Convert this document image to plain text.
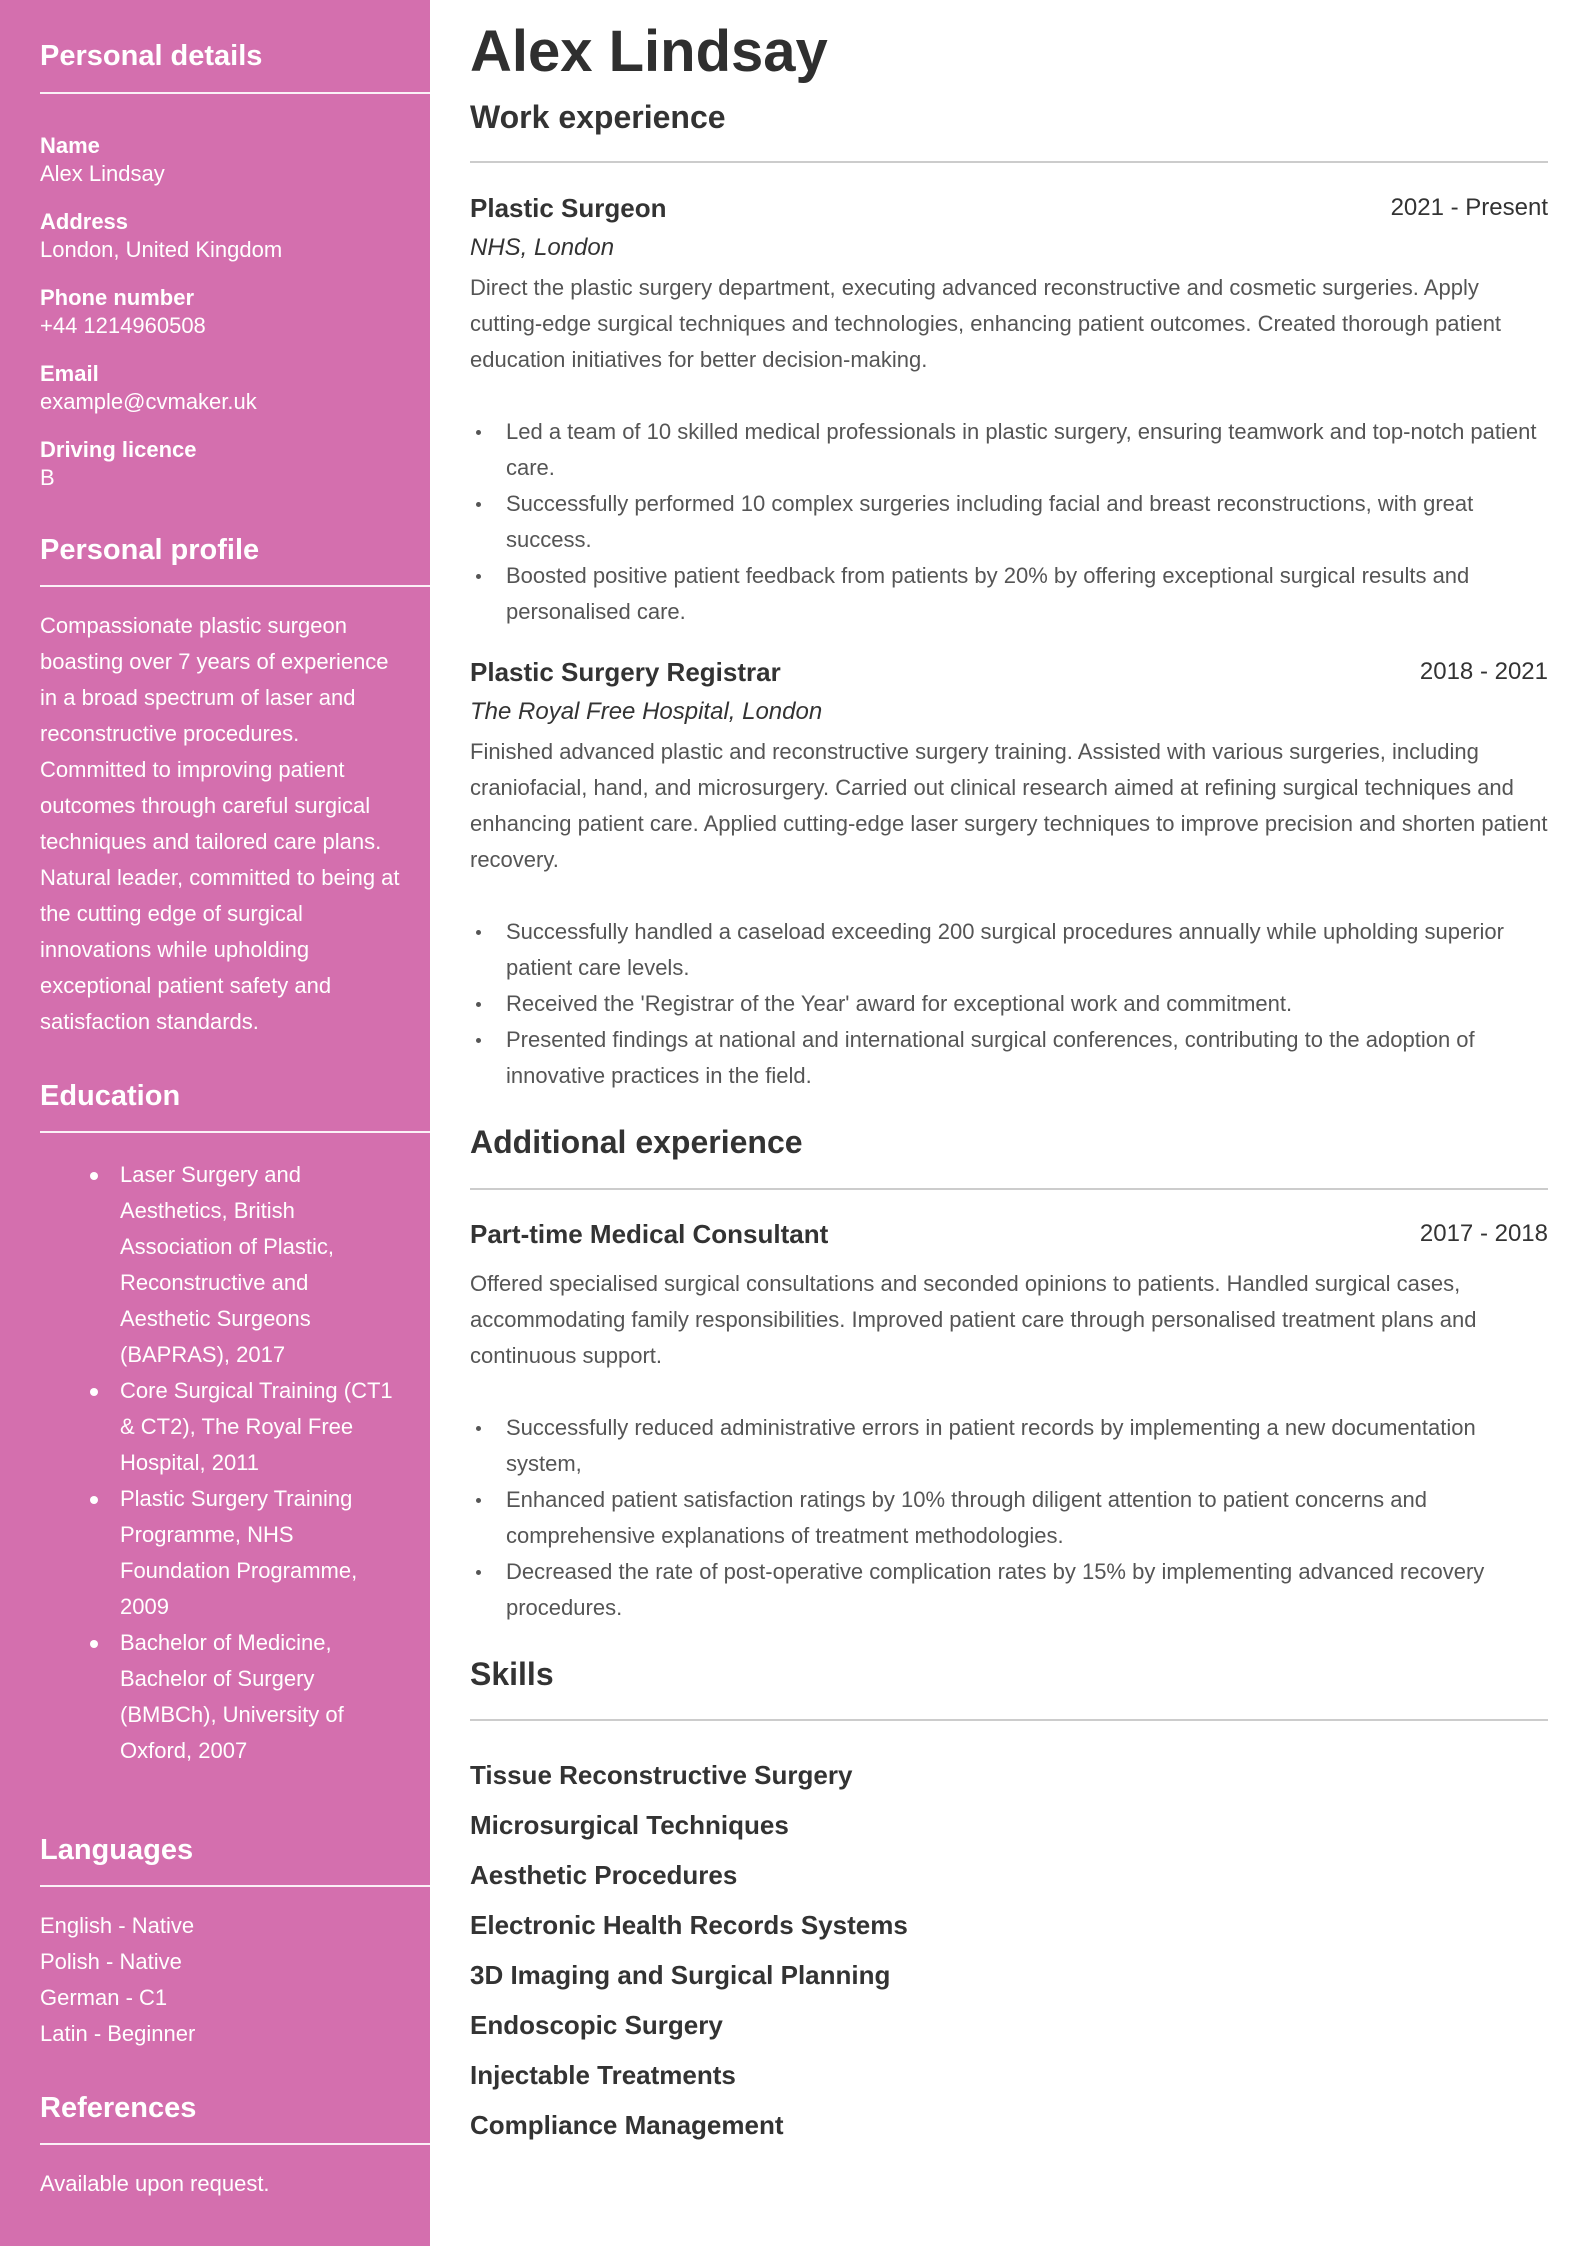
Personal details
Name
Alex Lindsay
Address
London, United Kingdom
Phone number
+44 1214960508
Email
example@cvmaker.uk
Driving licence
B
Personal profile

Compassionate plastic surgeon boasting over 7 years of experience in a broad spectrum of laser and reconstructive procedures. Committed to improving patient outcomes through careful surgical techniques and tailored care plans. Natural leader, committed to being at the cutting edge of surgical innovations while upholding exceptional patient safety and satisfaction standards.

Education
Laser Surgery and Aesthetics, British Association of Plastic, Reconstructive and Aesthetic Surgeons (BAPRAS), 2017
Core Surgical Training (CT1 & CT2), The Royal Free Hospital, 2011
Plastic Surgery Training Programme, NHS Foundation Programme, 2009
Bachelor of Medicine, Bachelor of Surgery (BMBCh), University of Oxford, 2007
Languages
English - Native
Polish - Native
German - C1
Latin - Beginner
References

Available upon request.

Alex Lindsay
Work experience
Plastic Surgeon	2021 - Present
NHS, London

Direct the plastic surgery department, executing advanced reconstructive and cosmetic surgeries. Apply cutting-edge surgical techniques and technologies, enhancing patient outcomes. Created thorough patient education initiatives for better decision-making.

Led a team of 10 skilled medical professionals in plastic surgery, ensuring teamwork and top-notch patient care.
Successfully performed 10 complex surgeries including facial and breast reconstructions, with great success.
Boosted positive patient feedback from patients by 20% by offering exceptional surgical results and personalised care.
Plastic Surgery Registrar	2018 - 2021
The Royal Free Hospital, London

Finished advanced plastic and reconstructive surgery training. Assisted with various surgeries, including craniofacial, hand, and microsurgery. Carried out clinical research aimed at refining surgical techniques and enhancing patient care. Applied cutting-edge laser surgery techniques to improve precision and shorten patient recovery.

Successfully handled a caseload exceeding 200 surgical procedures annually while upholding superior patient care levels.
Received the 'Registrar of the Year' award for exceptional work and commitment.
Presented findings at national and international surgical conferences, contributing to the adoption of innovative practices in the field.
Additional experience
Part-time Medical Consultant	2017 - 2018

Offered specialised surgical consultations and seconded opinions to patients. Handled surgical cases, accommodating family responsibilities. Improved patient care through personalised treatment plans and continuous support.

Successfully reduced administrative errors in patient records by implementing a new documentation system,
Enhanced patient satisfaction ratings by 10% through diligent attention to patient concerns and comprehensive explanations of treatment methodologies.
Decreased the rate of post-operative complication rates by 15% by implementing advanced recovery procedures.
Skills
Tissue Reconstructive Surgery
Microsurgical Techniques
Aesthetic Procedures
Electronic Health Records Systems
3D Imaging and Surgical Planning
Endoscopic Surgery
Injectable Treatments
Compliance Management
